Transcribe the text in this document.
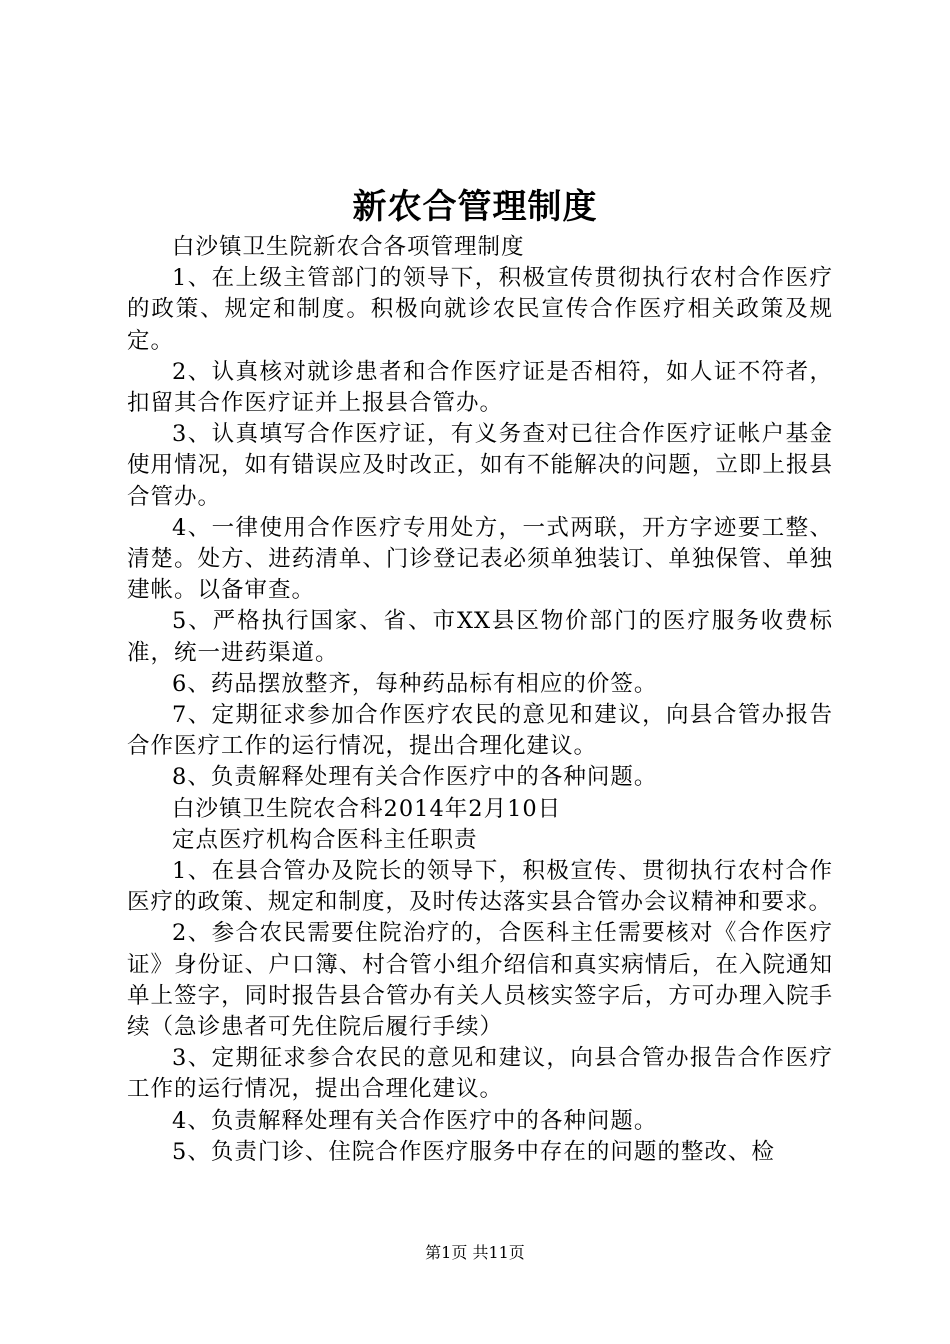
新农合管理制度

白沙镇卫生院新农合各项管理制度

1、在上级主管部门的领导下，积极宣传贯彻执行农村合作医疗的政策、规定和制度。积极向就诊农民宣传合作医疗相关政策及规定。

2、认真核对就诊患者和合作医疗证是否相符，如人证不符者，扣留其合作医疗证并上报县合管办。

3、认真填写合作医疗证，有义务查对已往合作医疗证帐户基金使用情况，如有错误应及时改正，如有不能解决的问题，立即上报县合管办。

4、一律使用合作医疗专用处方，一式两联，开方字迹要工整、清楚。处方、进药清单、门诊登记表必须单独装订、单独保管、单独建帐。以备审查。

5、严格执行国家、省、市XX县区物价部门的医疗服务收费标准，统一进药渠道。

6、药品摆放整齐，每种药品标有相应的价签。

7、定期征求参加合作医疗农民的意见和建议，向县合管办报告合作医疗工作的运行情况，提出合理化建议。

8、负责解释处理有关合作医疗中的各种问题。

白沙镇卫生院农合科2014年2月10日

定点医疗机构合医科主任职责

1、在县合管办及院长的领导下，积极宣传、贯彻执行农村合作医疗的政策、规定和制度，及时传达落实县合管办会议精神和要求。

2、参合农民需要住院治疗的，合医科主任需要核对《合作医疗证》身份证、户口簿、村合管小组介绍信和真实病情后，在入院通知单上签字，同时报告县合管办有关人员核实签字后，方可办理入院手续（急诊患者可先住院后履行手续）

3、定期征求参合农民的意见和建议，向县合管办报告合作医疗工作的运行情况，提出合理化建议。

4、负责解释处理有关合作医疗中的各种问题。

5、负责门诊、住院合作医疗服务中存在的问题的整改、检

第1页 共11页
